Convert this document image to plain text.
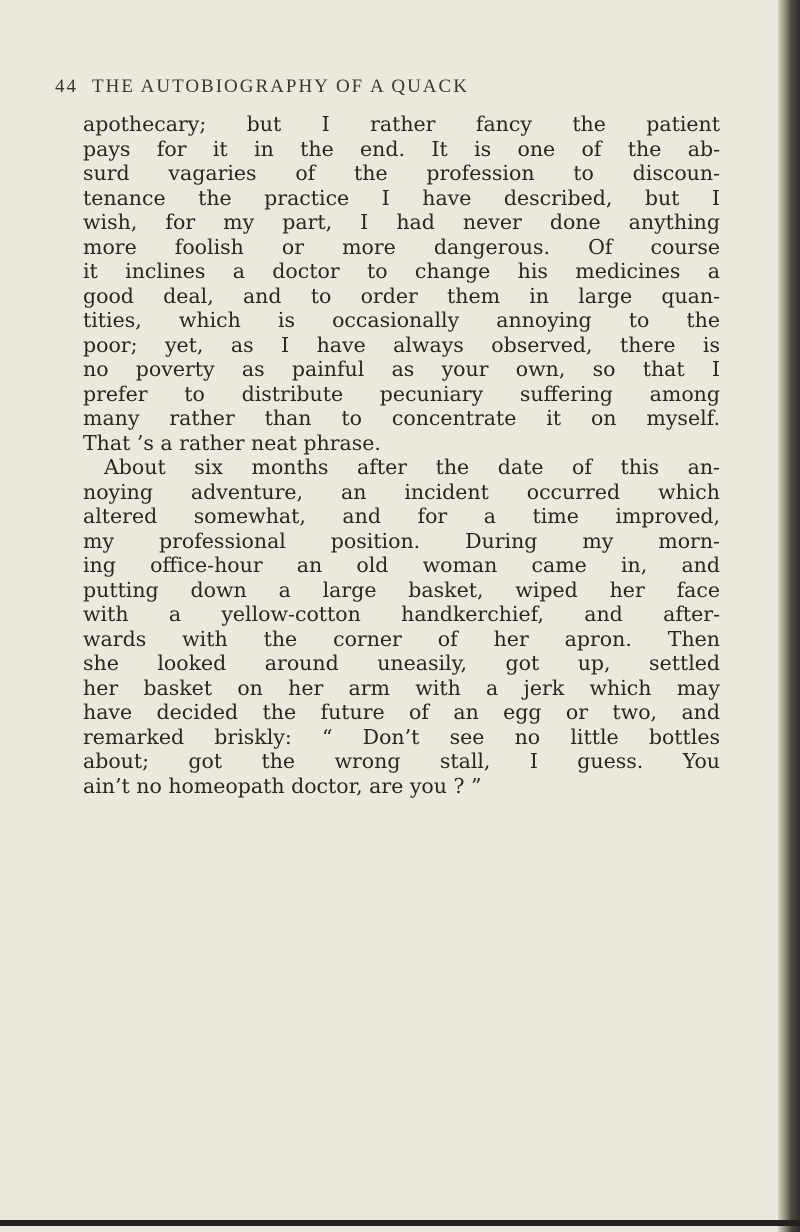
44 THE AUTOBIOGRAPHY OF A QUACK
apothecary; but I rather fancy the patient
pays for it in the end. It is one of the ab-
surd vagaries of the profession to discoun-
tenance the practice I have described, but I
wish, for my part, I had never done anything
more foolish or more dangerous. Of course
it inclines a doctor to change his medicines a
good deal, and to order them in large quan-
tities, which is occasionally annoying to the
poor; yet, as I have always observed, there is
no poverty as painful as your own, so that I
prefer to distribute pecuniary suffering among
many rather than to concentrate it on myself.
That ’s a rather neat phrase.
About six months after the date of this an-
noying adventure, an incident occurred which
altered somewhat, and for a time improved,
my professional position. During my morn-
ing office-hour an old woman came in, and
putting down a large basket, wiped her face
with a yellow-cotton handkerchief, and after-
wards with the corner of her apron. Then
she looked around uneasily, got up, settled
her basket on her arm with a jerk which may
have decided the future of an egg or two, and
remarked briskly: “ Don’t see no little bottles
about; got the wrong stall, I guess. You
ain’t no homeopath doctor, are you ? ”
